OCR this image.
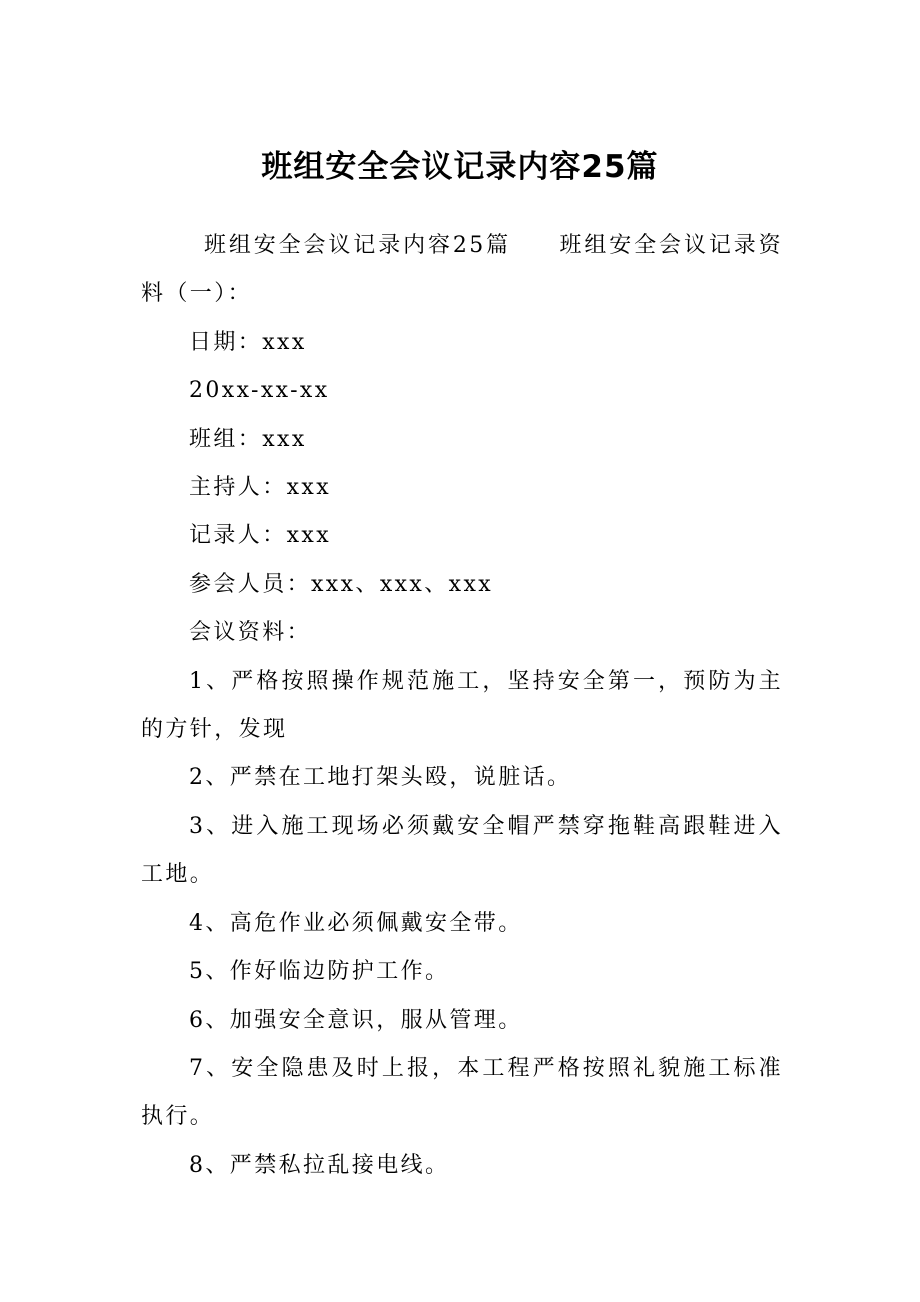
班组安全会议记录内容25篇

班组安全会议记录内容25篇 班组安全会议记录资料（一）：

日期：xxx

20xx-xx-xx

班组：xxx

主持人：xxx

记录人：xxx

参会人员：xxx、xxx、xxx

会议资料：

1、严格按照操作规范施工，坚持安全第一，预防为主的方针，发现

2、严禁在工地打架头殴，说脏话。

3、进入施工现场必须戴安全帽严禁穿拖鞋高跟鞋进入工地。

4、高危作业必须佩戴安全带。

5、作好临边防护工作。

6、加强安全意识，服从管理。

7、安全隐患及时上报，本工程严格按照礼貌施工标准执行。

8、严禁私拉乱接电线。
